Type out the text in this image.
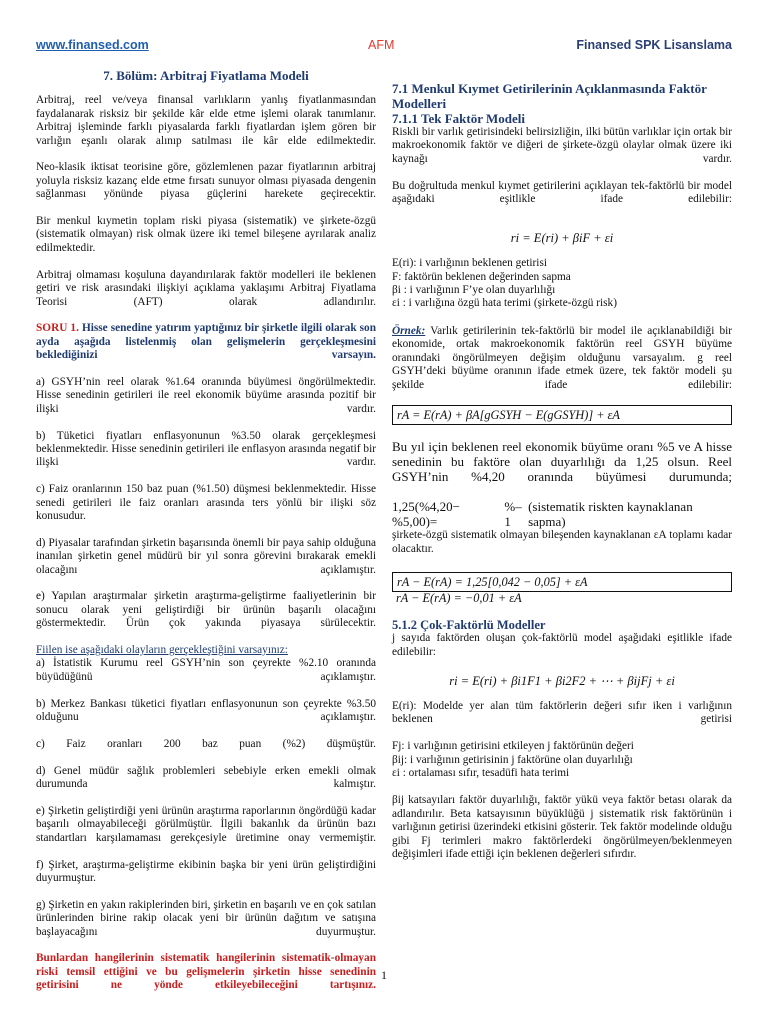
www.finansed.com	AFM	Finansed SPK Lisanslama

7. Bölüm: Arbitraj Fiyatlama Modeli

Arbitraj, reel ve/veya finansal varlıkların yanlış fiyatlanmasından faydalanarak risksiz bir şekilde kâr elde etme işlemi olarak tanımlanır. Arbitraj işleminde farklı piyasalarda farklı fiyatlardan işlem gören bir varlığın eşanlı olarak alınıp satılması ile kâr elde edilmektedir.

Neo-klasik iktisat teorisine göre, gözlemlenen pazar fiyatlarının arbitraj yoluyla risksiz kazanç elde etme fırsatı sunuyor olması piyasada dengenin sağlanması yönünde piyasa güçlerini harekete geçirecektir.

Bir menkul kıymetin toplam riski piyasa (sistematik) ve şirkete-özgü (sistematik olmayan) risk olmak üzere iki temel bileşene ayrılarak analiz edilmektedir.

Arbitraj olmaması koşuluna dayandırılarak faktör modelleri ile beklenen getiri ve risk arasındaki ilişkiyi açıklama yaklaşımı Arbitraj Fiyatlama Teorisi (AFT) olarak adlandırılır.

SORU 1. Hisse senedine yatırım yaptığınız bir şirketle ilgili olarak son ayda aşağıda listelenmiş olan gelişmelerin gerçekleşmesini beklediğinizi varsayın.

a) GSYH’nin reel olarak %1.64 oranında büyümesi öngörülmektedir. Hisse senedinin getirileri ile reel ekonomik büyüme arasında pozitif bir ilişki vardır.

b) Tüketici fiyatları enflasyonunun %3.50 olarak gerçekleşmesi beklenmektedir. Hisse senedinin getirileri ile enflasyon arasında negatif bir ilişki vardır.

c) Faiz oranlarının 150 baz puan (%1.50) düşmesi beklenmektedir. Hisse senedi getirileri ile faiz oranları arasında ters yönlü bir ilişki söz konusudur.

d) Piyasalar tarafından şirketin başarısında önemli bir paya sahip olduğuna inanılan şirketin genel müdürü bir yıl sonra görevini bırakarak emekli olacağını açıklamıştır.

e) Yapılan araştırmalar şirketin araştırma-geliştirme faaliyetlerinin bir sonucu olarak yeni geliştirdiği bir ürünün başarılı olacağını göstermektedir. Ürün çok yakında piyasaya sürülecektir.

Fiilen ise aşağıdaki olayların gerçekleştiğini varsayınız:

a) İstatistik Kurumu reel GSYH’nin son çeyrekte %2.10 oranında büyüdüğünü açıklamıştır.

b) Merkez Bankası tüketici fiyatları enflasyonunun son çeyrekte %3.50 olduğunu açıklamıştır.

c) Faiz oranları 200 baz puan (%2) düşmüştür.

d) Genel müdür sağlık problemleri sebebiyle erken emekli olmak durumunda kalmıştır.

e) Şirketin geliştirdiği yeni ürünün araştırma raporlarının öngördüğü kadar başarılı olmayabileceği görülmüştür. İlgili bakanlık da ürünün bazı standartları karşılamaması gerekçesiyle üretimine onay vermemiştir.

f) Şirket, araştırma-geliştirme ekibinin başka bir yeni ürün geliştirdiğini duyurmuştur.

g) Şirketin en yakın rakiplerinden biri, şirketin en başarılı ve en çok satılan ürünlerinden birine rakip olacak yeni bir ürünün dağıtım ve satışına başlayacağını duyurmuştur.

Bunlardan hangilerinin sistematik hangilerinin sistematik-olmayan riski temsil ettiğini ve bu gelişmelerin şirketin hisse senedinin getirisini ne yönde etkileyebileceğini tartışınız.

7.1 Menkul Kıymet Getirilerinin Açıklanmasında Faktör Modelleri

7.1.1 Tek Faktör Modeli

Riskli bir varlık getirisindeki belirsizliğin, ilki bütün varlıklar için ortak bir makroekonomik faktör ve diğeri de şirkete-özgü olaylar olmak üzere iki kaynağı vardır.

Bu doğrultuda menkul kıymet getirilerini açıklayan tek-faktörlü bir model aşağıdaki eşitlikle ifade edilebilir:

ri = E(ri) + βiF + εi

E(ri): i varlığının beklenen getirisi

F: faktörün beklenen değerinden sapma

βi : i varlığının F’ye olan duyarlılığı

εi : i varlığına özgü hata terimi (şirkete-özgü risk)

Örnek: Varlık getirilerinin tek-faktörlü bir model ile açıklanabildiği bir ekonomide, ortak makroekonomik faktörün reel GSYH büyüme oranındaki öngörülmeyen değişim olduğunu varsayalım. g reel GSYH’deki büyüme oranının ifade etmek üzere, tek faktör modeli şu şekilde ifade edilebilir:

rA = E(rA) + βA[gGSYH − E(gGSYH)] + εA

Bu yıl için beklenen reel ekonomik büyüme oranı %5 ve A hisse senedinin bu faktöre olan duyarlılığı da 1,25 olsun. Reel GSYH’nin %4,20 oranında büyümesi durumunda;

1,25(%4,20−%5,00)=
%–1
(sistematik riskten kaynaklanan sapma)

şirkete-özgü sistematik olmayan bileşenden kaynaklanan εA toplamı kadar olacaktır.

rA − E(rA) = 1,25[0,042 − 0,05] + εA

rA − E(rA) = −0,01 + εA

5.1.2 Çok-Faktörlü Modeller

j sayıda faktörden oluşan çok-faktörlü model aşağıdaki eşitlikle ifade edilebilir:

ri = E(ri) + βi1F1 + βi2F2 + ⋯ + βijFj + εi

E(ri): Modelde yer alan tüm faktörlerin değeri sıfır iken i varlığının beklenen getirisi

Fj: i varlığının getirisini etkileyen j faktörünün değeri

βij: i varlığının getirisinin j faktörüne olan duyarlılığı

εi : ortalaması sıfır, tesadüfi hata terimi

βij katsayıları faktör duyarlılığı, faktör yükü veya faktör betası olarak da adlandırılır. Beta katsayısının büyüklüğü j sistematik risk faktörünün i varlığının getirisi üzerindeki etkisini gösterir. Tek faktör modelinde olduğu gibi Fj terimleri makro faktörlerdeki öngörülmeyen/beklenmeyen değişimleri ifade ettiği için beklenen değerleri sıfırdır.

1
